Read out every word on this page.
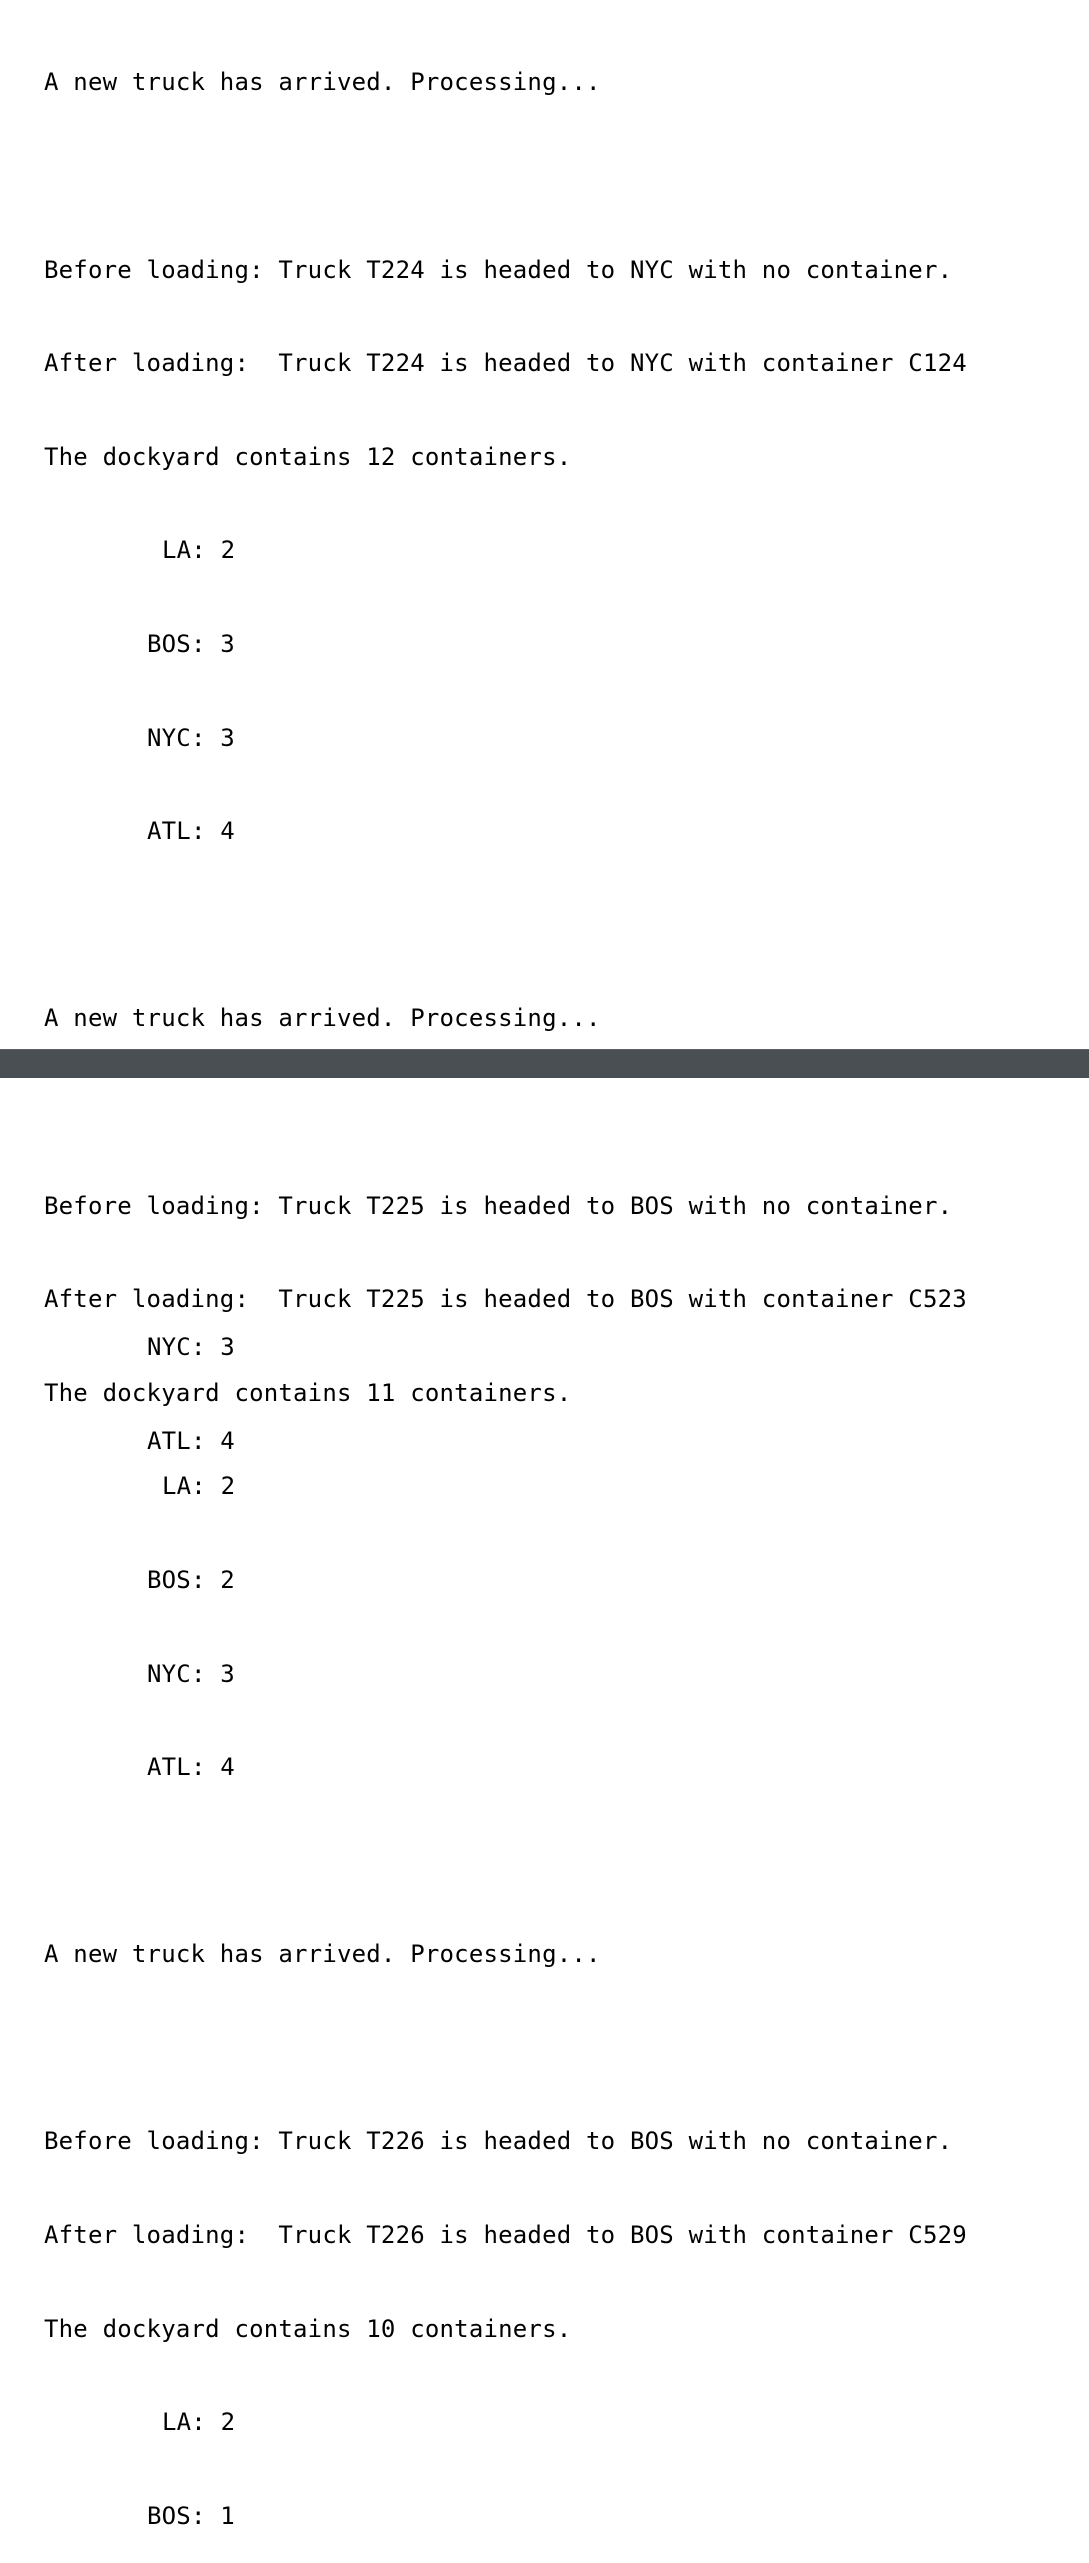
A new truck has arrived. Processing...

Before loading: Truck T224 is headed to NYC with no container.

After loading:  Truck T224 is headed to NYC with container C124

The dockyard contains 12 containers.

LA: 2

BOS: 3

NYC: 3

ATL: 4

A new truck has arrived. Processing...

Before loading: Truck T225 is headed to BOS with no container.

After loading:  Truck T225 is headed to BOS with container C523

The dockyard contains 11 containers.

LA: 2

BOS: 2

NYC: 3

ATL: 4

A new truck has arrived. Processing...

Before loading: Truck T226 is headed to BOS with no container.

After loading:  Truck T226 is headed to BOS with container C529

The dockyard contains 10 containers.

LA: 2

BOS: 1

NYC: 3

ATL: 4
